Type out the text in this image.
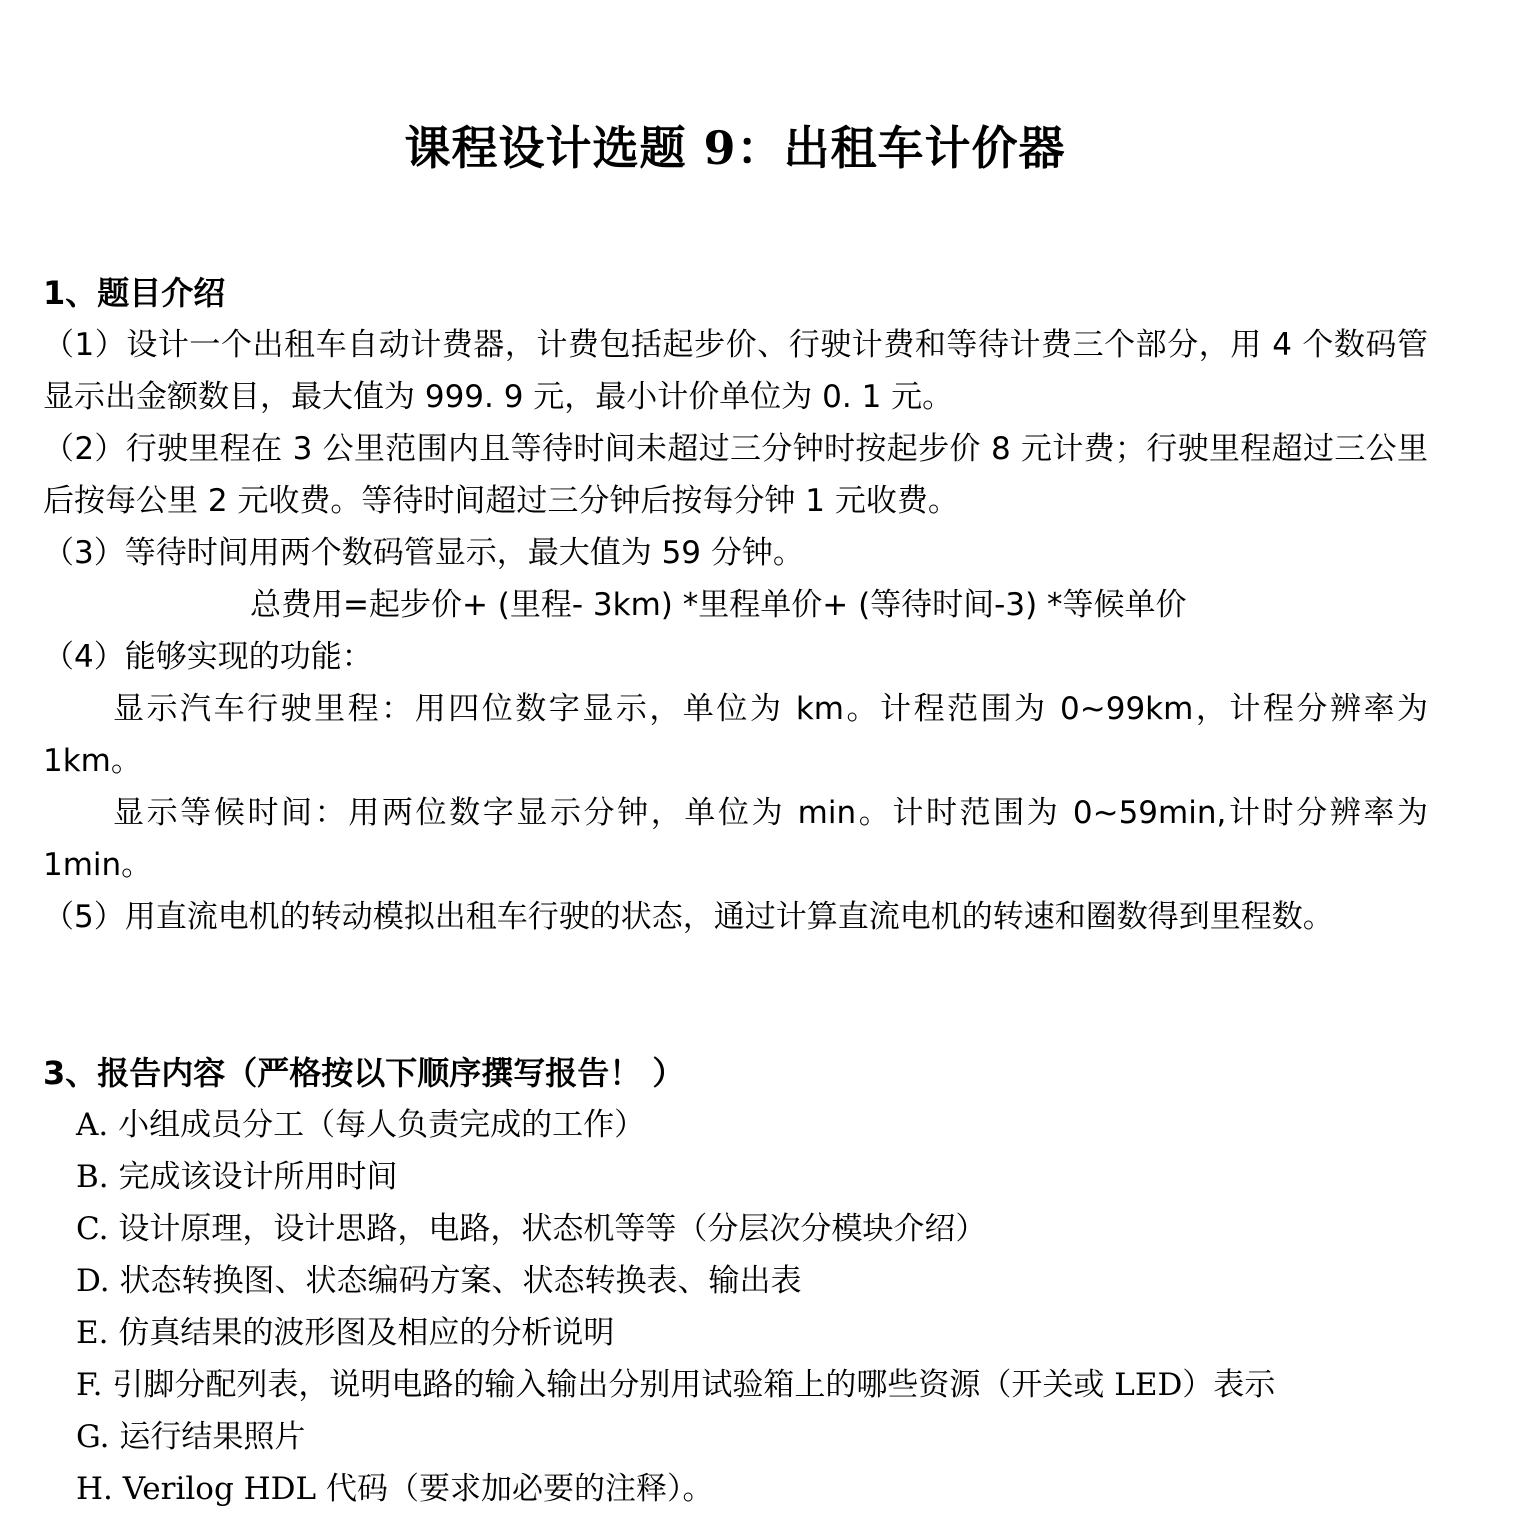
课程设计选题 9：出租车计价器
1、题目介绍
（1）设计一个出租车自动计费器，计费包括起步价、行驶计费和等待计费三个部分，用 4 个数码管显示出金额数目，最大值为 999. 9 元，最小计价单位为 0. 1 元。
（2）行驶里程在 3 公里范围内且等待时间未超过三分钟时按起步价 8 元计费；行驶里程超过三公里后按每公里 2 元收费。等待时间超过三分钟后按每分钟 1 元收费。
（3）等待时间用两个数码管显示，最大值为 59 分钟。
总费用=起步价+ (里程- 3km) *里程单价+ (等待时间-3) *等候单价
（4）能够实现的功能：
显示汽车行驶里程：用四位数字显示，单位为 km。计程范围为 0~99km，计程分辨率为 1km。
显示等候时间：用两位数字显示分钟，单位为 min。计时范围为 0~59min,计时分辨率为 1min。
（5）用直流电机的转动模拟出租车行驶的状态，通过计算直流电机的转速和圈数得到里程数。
3、报告内容（严格按以下顺序撰写报告！ ）
A. 小组成员分工（每人负责完成的工作）
B. 完成该设计所用时间
C. 设计原理，设计思路，电路，状态机等等（分层次分模块介绍）
D. 状态转换图、状态编码方案、状态转换表、输出表
E. 仿真结果的波形图及相应的分析说明
F. 引脚分配列表，说明电路的输入输出分别用试验箱上的哪些资源（开关或 LED）表示
G. 运行结果照片
H. Verilog HDL 代码（要求加必要的注释）。
